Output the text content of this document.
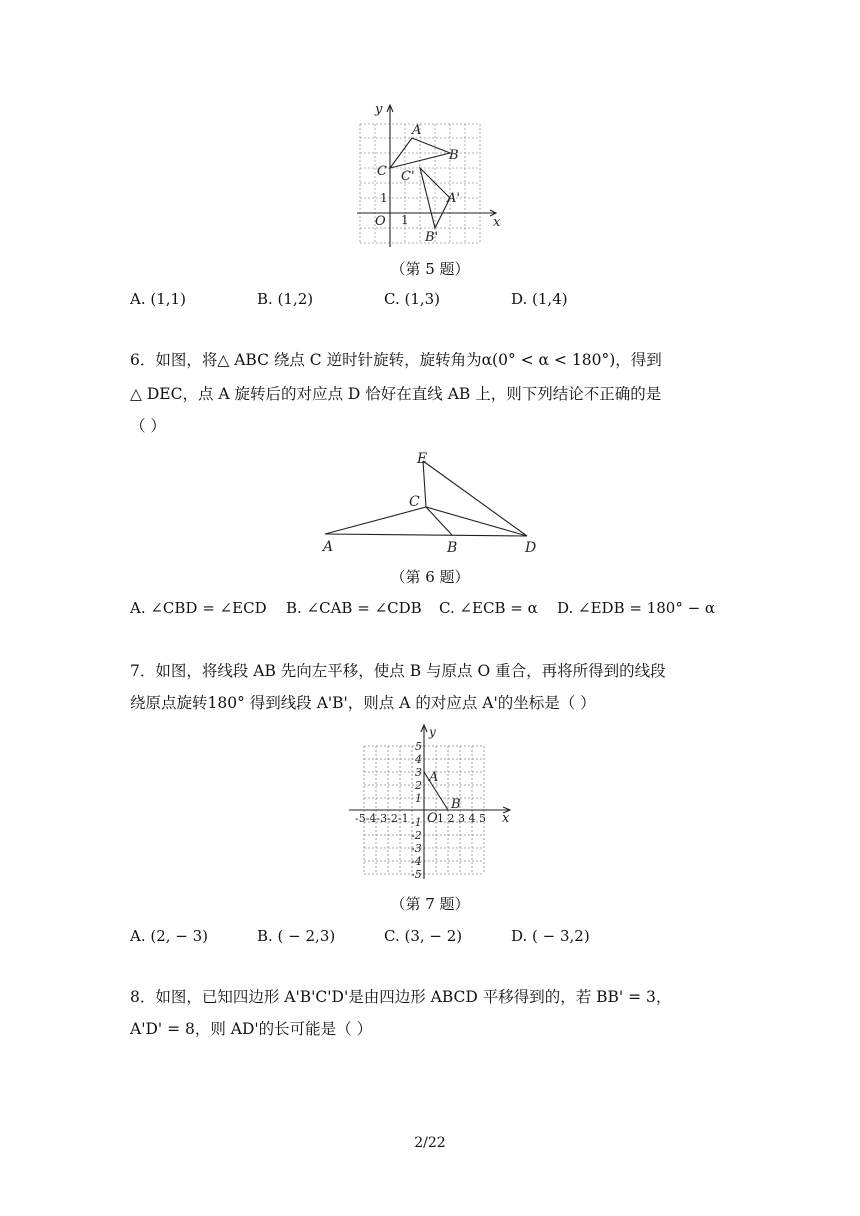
y
x
O 1
1
A
B
C C'
A'
B'
（第 5 题）
A. (1,1)	B. (1,2)	C. (1,3)	D. (1,4)
6．如图，将△ ABC 绕点 C 逆时针旋转，旋转角为α(0° < α < 180°)，得到
△ DEC，点 A 旋转后的对应点 D 恰好在直线 AB 上，则下列结论不正确的是
（ ）
E
C
A	B	D
（第 6 题）
A. ∠CBD = ∠ECD B. ∠CAB = ∠CDB C. ∠ECB = α D. ∠EDB = 180° − α
7．如图，将线段 AB 先向左平移，使点 B 与原点 O 重合，再将所得到的线段
绕原点旋转180° 得到线段 A'B'，则点 A 的对应点 A'的坐标是（ ）
y
x
O
A
B
-5-4-3-2-1	1 2 3 4 5
5
4
3
2
1
-1
-2
-3
-4
-5
（第 7 题）
A. (2, − 3)	B. ( − 2,3)	C. (3, − 2)	D. ( − 3,2)
8．如图，已知四边形 A'B'C'D'是由四边形 ABCD 平移得到的，若 BB' = 3，
A'D' = 8，则 AD'的长可能是（ ）
2/22
